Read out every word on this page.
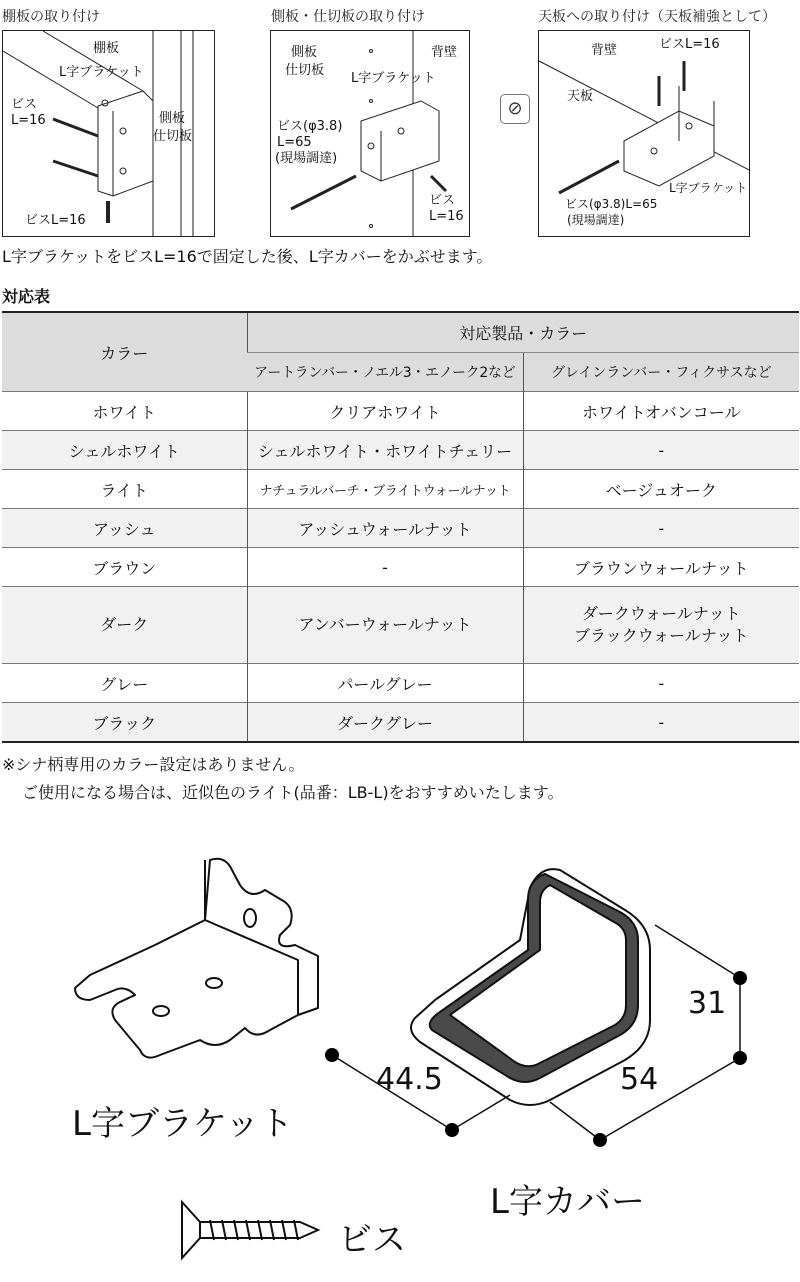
棚板の取り付け	側板・仕切板の取り付け	天板への取り付け（天板補強として）
棚板
L字ブラケット
ビス
L=16	側板
仕切板
ビスL=16
側板
仕切板
背壁
L字ブラケット
ビス(φ3.8)
L=65
(現場調達)
ビス
L=16
⊘
背壁	ビスL=16
天板
L字ブラケット
ビス(φ3.8)L=65
(現場調達)
L字ブラケットをビスL=16で固定した後、L字カバーをかぶせます。
対応表
カラー	対応製品・カラー	
	アートランバー・ノエル3・エノーク2など	グレインランバー・フィクサスなど
ホワイト	クリアホワイト	ホワイトオバンコール
シェルホワイト	シェルホワイト・ホワイトチェリー	-
ライト	ナチュラルバーチ・ブライトウォールナット	ベージュオーク
アッシュ	アッシュウォールナット	-
ブラウン	-	ブラウンウォールナット
ダーク	アンバーウォールナット	ダークウォールナット
ブラックウォールナット

グレー	パールグレー	-
ブラック	ダークグレー	-
※シナ柄専用のカラー設定はありません。
ご使用になる場合は、近似色のライト(品番：LB-L)をおすすめいたします。
L字ブラケット
L字カバー
ビス
44.5	54
31
